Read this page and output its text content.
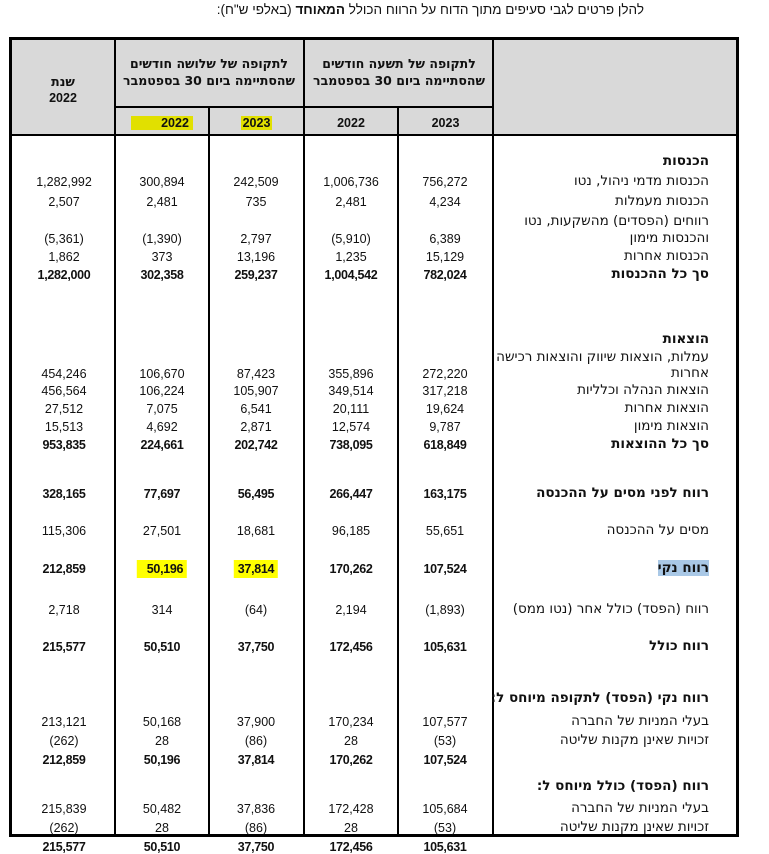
להלן פרטים לגבי סעיפים מתוך הדוח על הרווח הכולל המאוחד (באלפי ש"ח):
לתקופה של תשעה חודשים שהסתיימה ביום 30 בספטמבר
לתקופה של שלושה חודשים שהסתיימה ביום 30 בספטמבר
שנת
2022
2023
2022
2023
2022
הכנסות
הכנסות מדמי ניהול, נטו
756,272
1,006,736
242,509
300,894
1,282,992
הכנסות מעמלות
4,234
2,481
735
2,481
2,507
רווחים (הפסדים) מהשקעות, נטו
והכנסות מימון
6,389
(5,910)
2,797
(1,390)
(5,361)
הכנסות אחרות
15,129
1,235
13,196
373
1,862
סך כל ההכנסות
782,024
1,004,542
259,237
302,358
1,282,000
הוצאות
עמלות, הוצאות שיווק והוצאות רכישה
אחרות
272,220
355,896
87,423
106,670
454,246
הוצאות הנהלה וכלליות
317,218
349,514
105,907
106,224
456,564
הוצאות אחרות
19,624
20,111
6,541
7,075
27,512
הוצאות מימון
9,787
12,574
2,871
4,692
15,513
סך כל ההוצאות
618,849
738,095
202,742
224,661
953,835
רווח לפני מסים על ההכנסה
163,175
266,447
56,495
77,697
328,165
מסים על ההכנסה
55,651
96,185
18,681
27,501
115,306
רווח נקי
107,524
170,262
37,814
50,196
212,859
רווח (הפסד) כולל אחר (נטו ממס)
(1,893)
2,194
(64)
314
2,718
רווח כולל
105,631
172,456
37,750
50,510
215,577
רווח נקי (הפסד) לתקופה מיוחס ל:
בעלי המניות של החברה
107,577
170,234
37,900
50,168
213,121
זכויות שאינן מקנות שליטה
(53)
28
(86)
28
(262)
107,524
170,262
37,814
50,196
212,859
רווח (הפסד) כולל מיוחס ל:
בעלי המניות של החברה
105,684
172,428
37,836
50,482
215,839
זכויות שאינן מקנות שליטה
(53)
28
(86)
28
(262)
105,631
172,456
37,750
50,510
215,577
